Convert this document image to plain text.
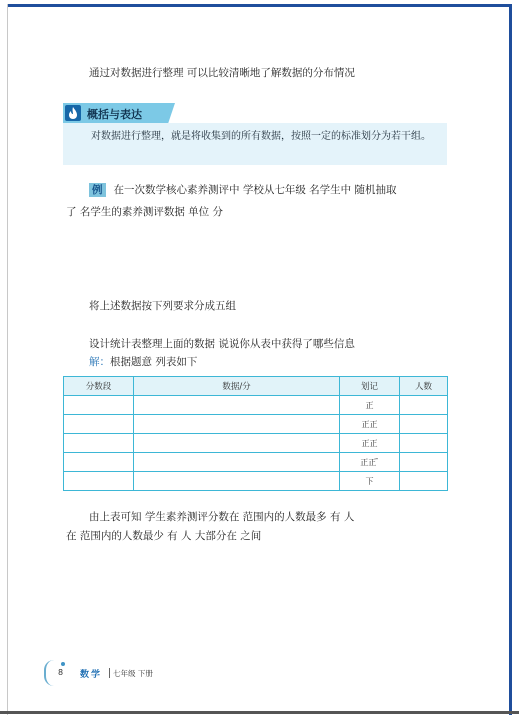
通过对数据进行整理 可以比较清晰地了解数据的分布情况
概括与表达
对数据进行整理，就是将收集到的所有数据，按照一定的标准划分为若干组。
例 在一次数学核心素养测评中 学校从七年级 名学生中 随机抽取
了 名学生的素养测评数据 单位 分
将上述数据按下列要求分成五组
设计统计表整理上面的数据 说说你从表中获得了哪些信息
解：根据题意 列表如下
分数段	数据/分	划记	人数
		正	
		正正	
		正正	
		正正 ̄	
		下	
由上表可知 学生素养测评分数在 范围内的人数最多 有 人
在 范围内的人数最少 有 人 大部分在 之间
8 数学 七年级 下册
